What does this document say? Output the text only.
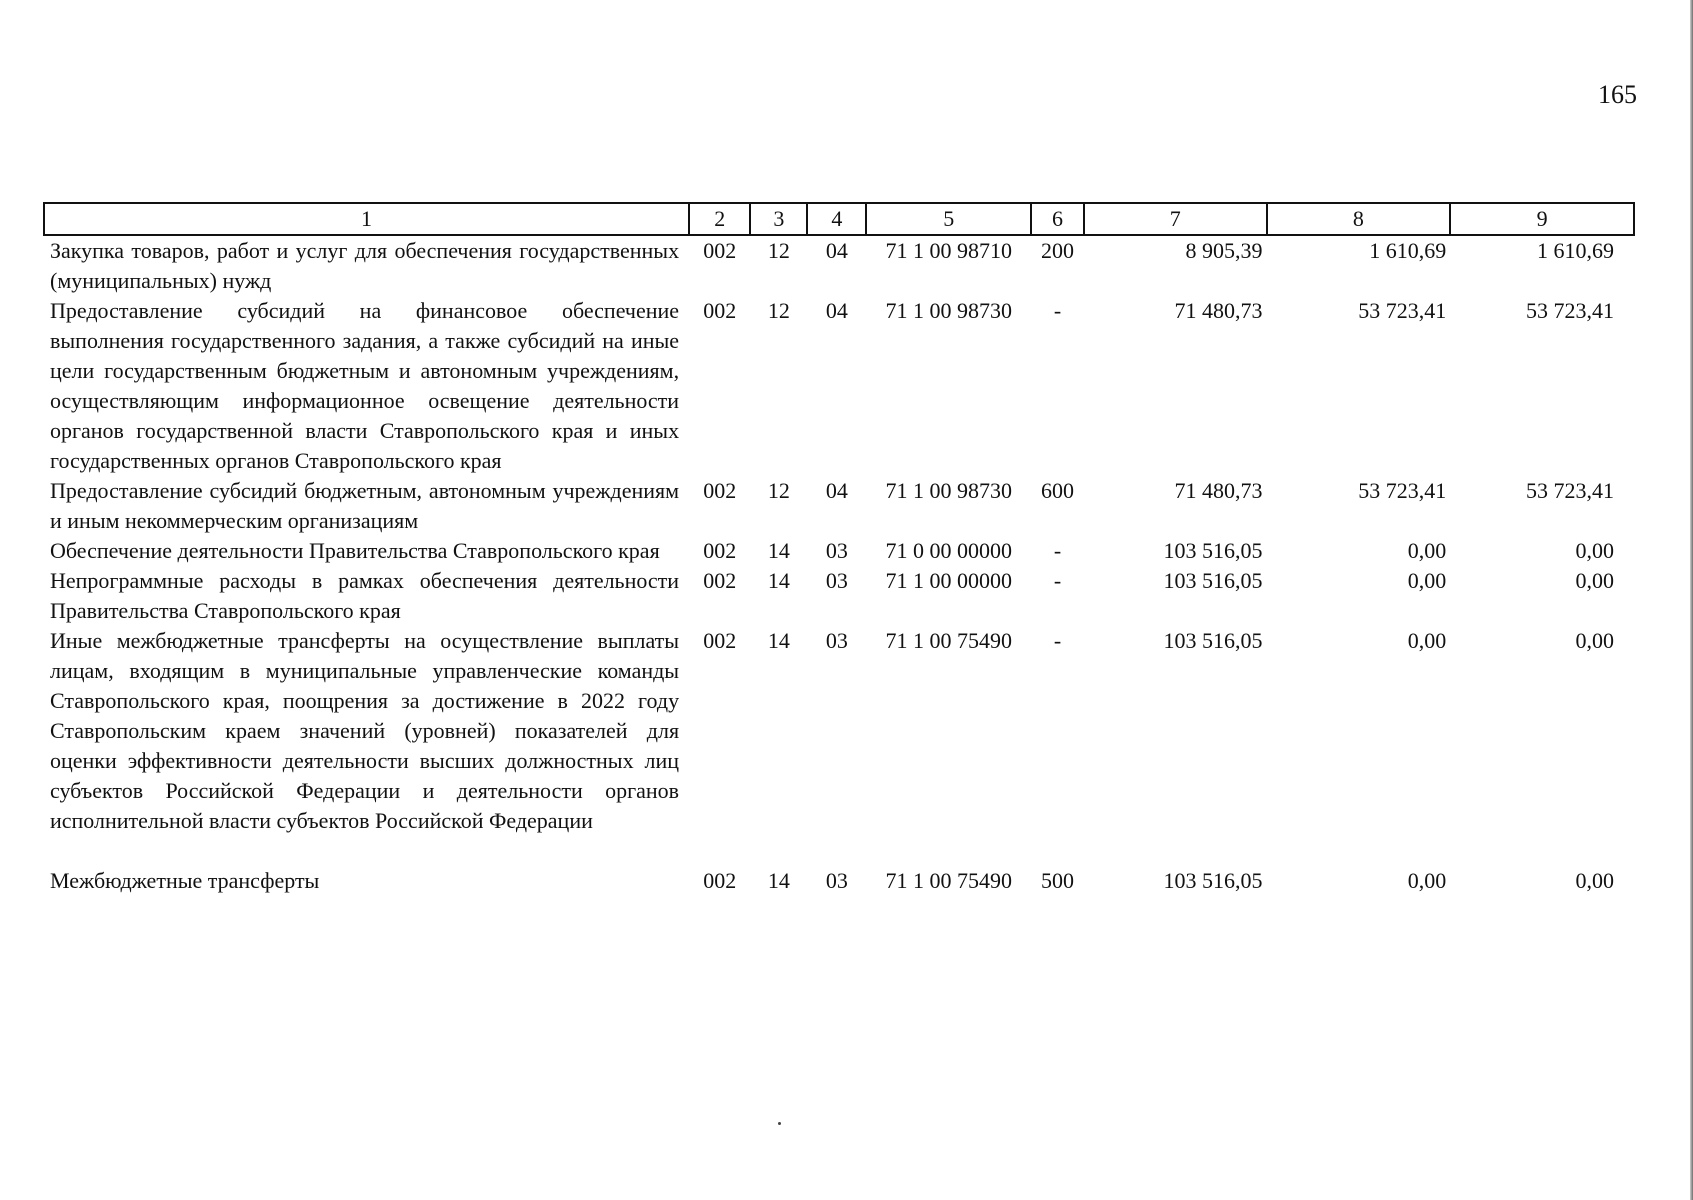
165
1	2	3	4	5	6	7	8	9
Закупка товаров, работ и услуг для обеспечения государственных (муниципальных) нужд	002	12	04	71 1 00 98710	200	8 905,39	1 610,69	1 610,69
Предоставление субсидий на финансовое обеспечение выполнения государственного задания, а также субсидий на иные цели государственным бюджетным и автономным учреждениям, осуществляющим информационное освещение деятельности органов государственной власти Ставропольского края и иных государственных органов Ставропольского края	002	12	04	71 1 00 98730	-	71 480,73	53 723,41	53 723,41
Предоставление субсидий бюджетным, автономным учреждениям и иным некоммерческим организациям	002	12	04	71 1 00 98730	600	71 480,73	53 723,41	53 723,41
Обеспечение деятельности Правительства Ставропольского края	002	14	03	71 0 00 00000	-	103 516,05	0,00	0,00
Непрограммные расходы в рамках обеспечения деятельности Правительства Ставропольского края	002	14	03	71 1 00 00000	-	103 516,05	0,00	0,00
Иные межбюджетные трансферты на осуществление выплаты лицам, входящим в муниципальные управленческие команды Ставропольского края, поощрения за достижение в 2022 году Ставропольским краем значений (уровней) показателей для оценки эффективности деятельности высших должностных лиц субъектов Российской Федерации и деятельности органов исполнительной власти субъектов Российской Федерации	002	14	03	71 1 00 75490	-	103 516,05	0,00	0,00

Межбюджетные трансферты	002	14	03	71 1 00 75490	500	103 516,05	0,00	0,00
